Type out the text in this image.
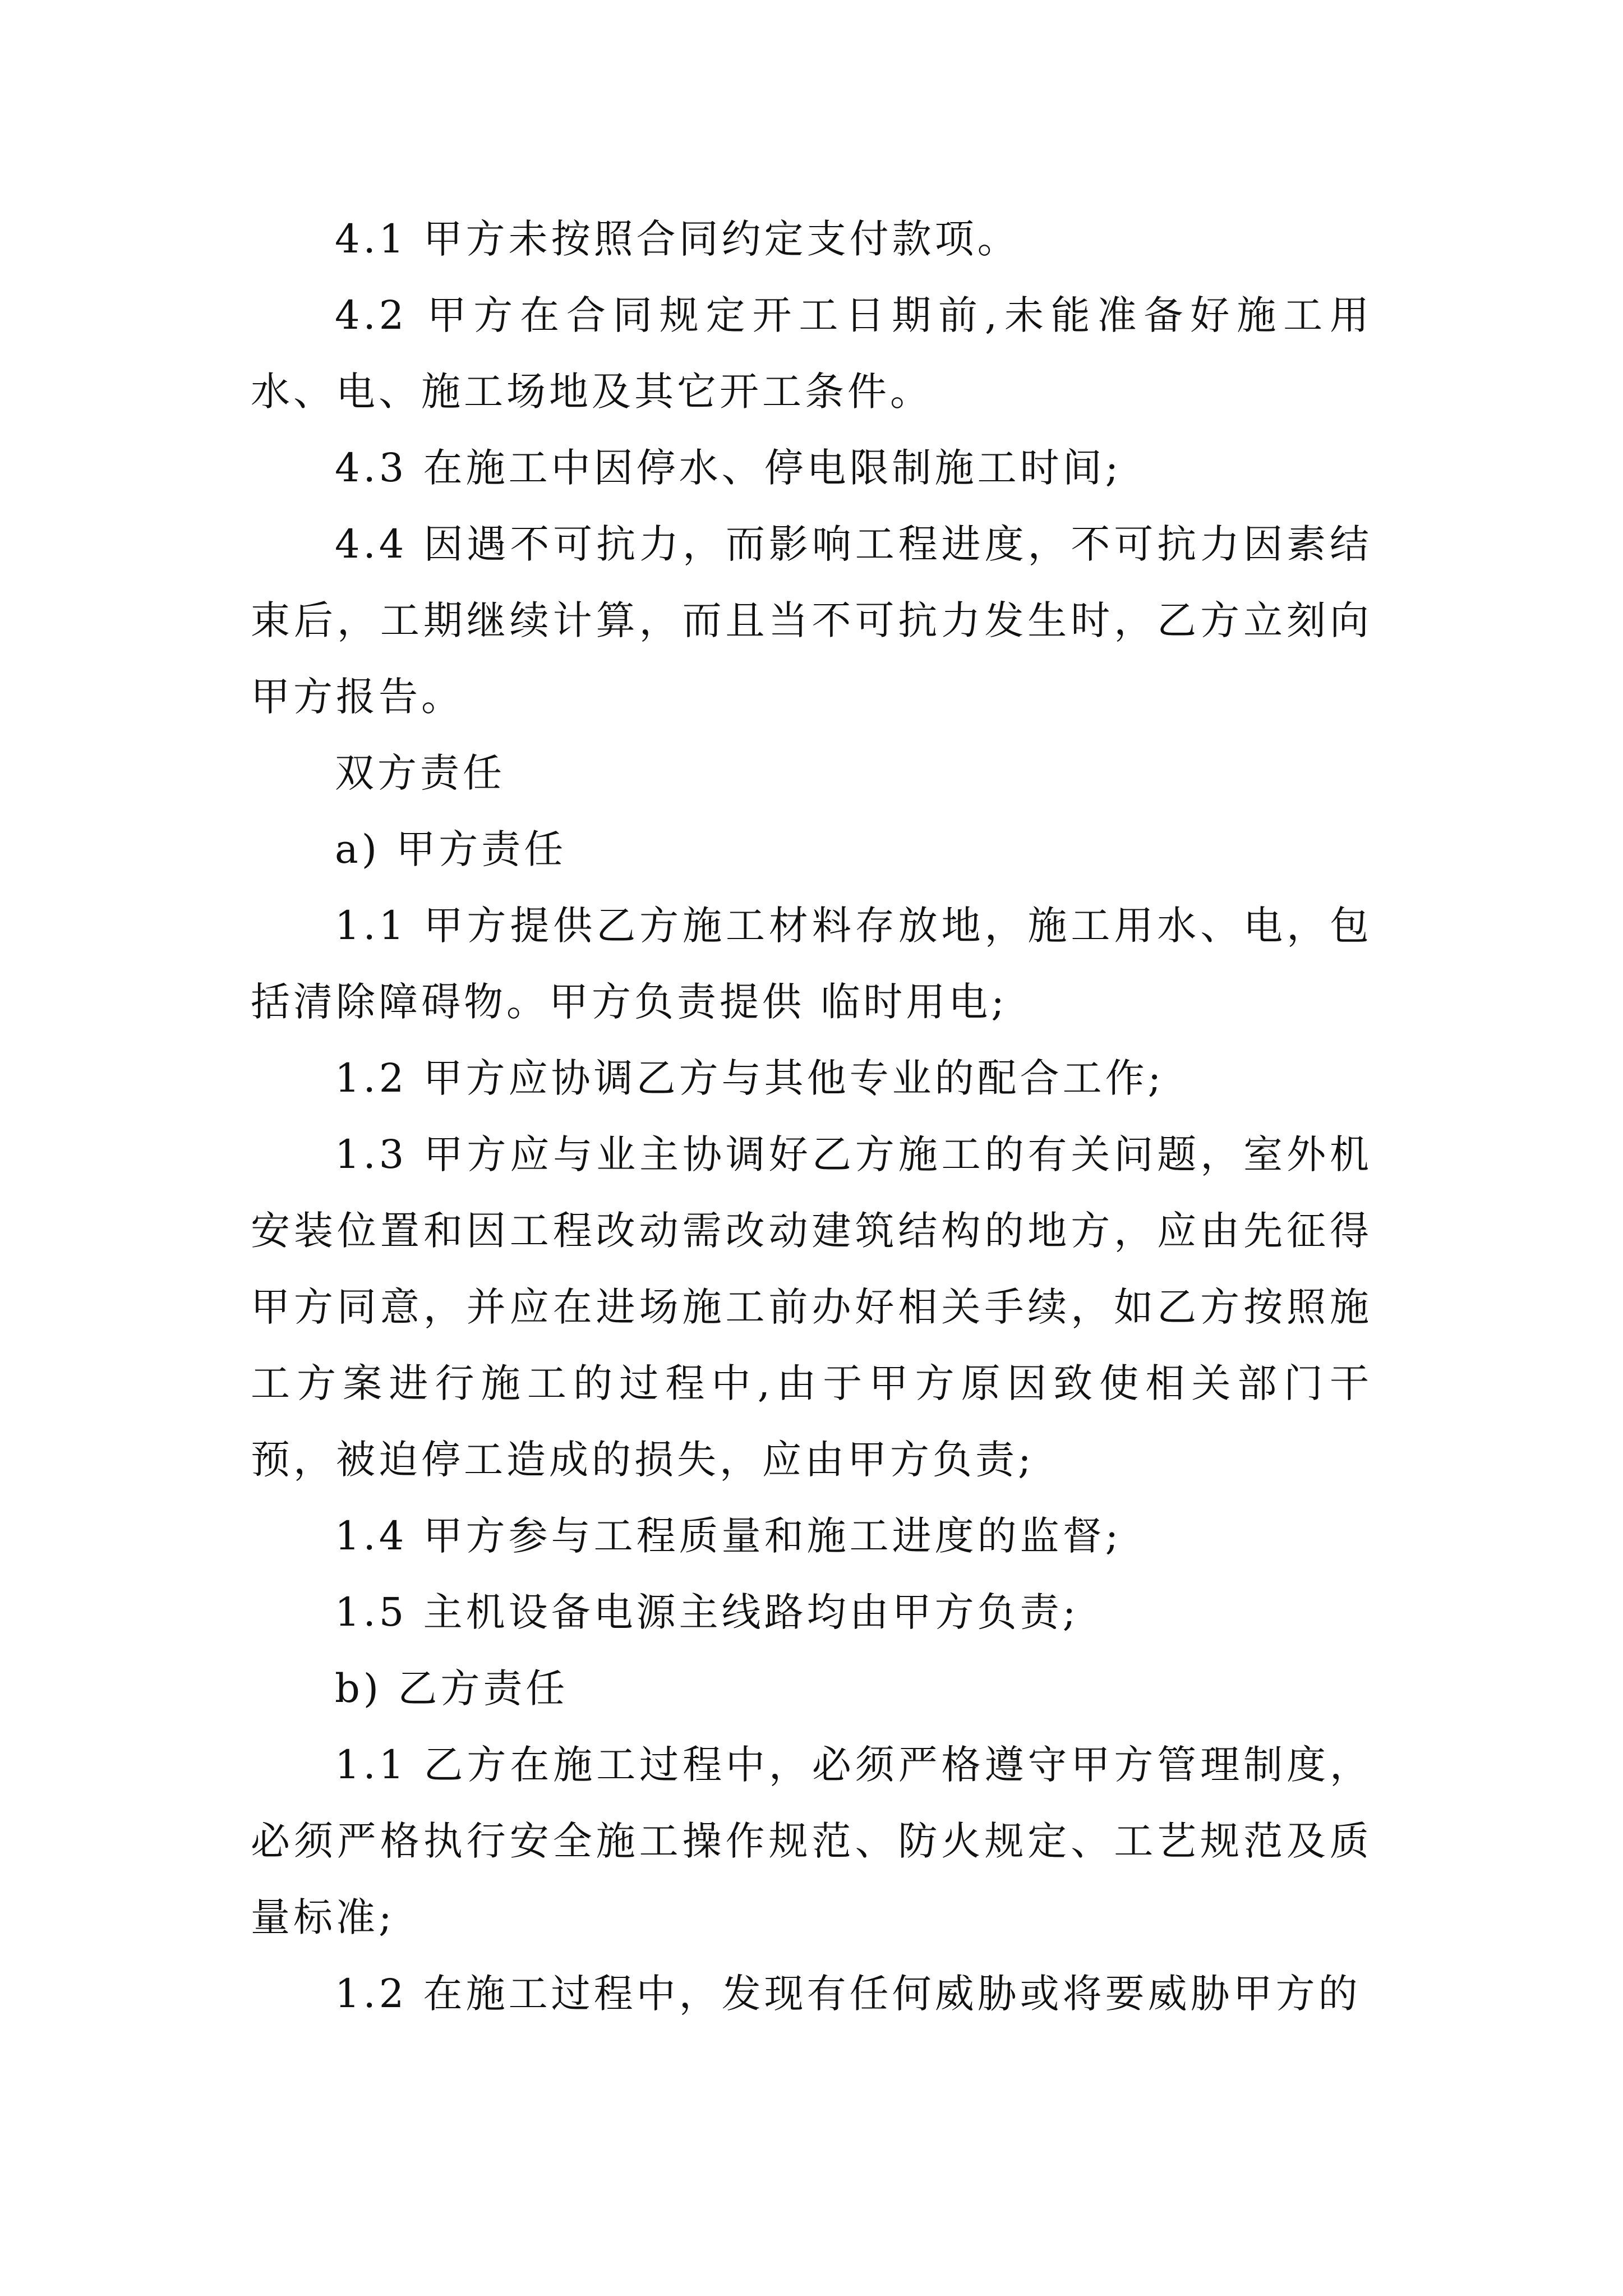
4.1 甲方未按照合同约定支付款项。

4.2 甲方在合同规定开工日期前,未能准备好施工用水、电、施工场地及其它开工条件。

4.3 在施工中因停水、停电限制施工时间;

4.4 因遇不可抗力，而影响工程进度，不可抗力因素结束后，工期继续计算，而且当不可抗力发生时，乙方立刻向甲方报告。

双方责任

a) 甲方责任

1.1 甲方提供乙方施工材料存放地，施工用水、电，包括清除障碍物。甲方负责提供 临时用电;

1.2 甲方应协调乙方与其他专业的配合工作;

1.3 甲方应与业主协调好乙方施工的有关问题，室外机安装位置和因工程改动需改动建筑结构的地方，应由先征得甲方同意，并应在进场施工前办好相关手续，如乙方按照施工方案进行施工的过程中,由于甲方原因致使相关部门干预，被迫停工造成的损失，应由甲方负责;

1.4 甲方参与工程质量和施工进度的监督;

1.5 主机设备电源主线路均由甲方负责;

b) 乙方责任

1.1 乙方在施工过程中，必须严格遵守甲方管理制度，必须严格执行安全施工操作规范、防火规定、工艺规范及质量标准;

1.2 在施工过程中，发现有任何威胁或将要威胁甲方的
